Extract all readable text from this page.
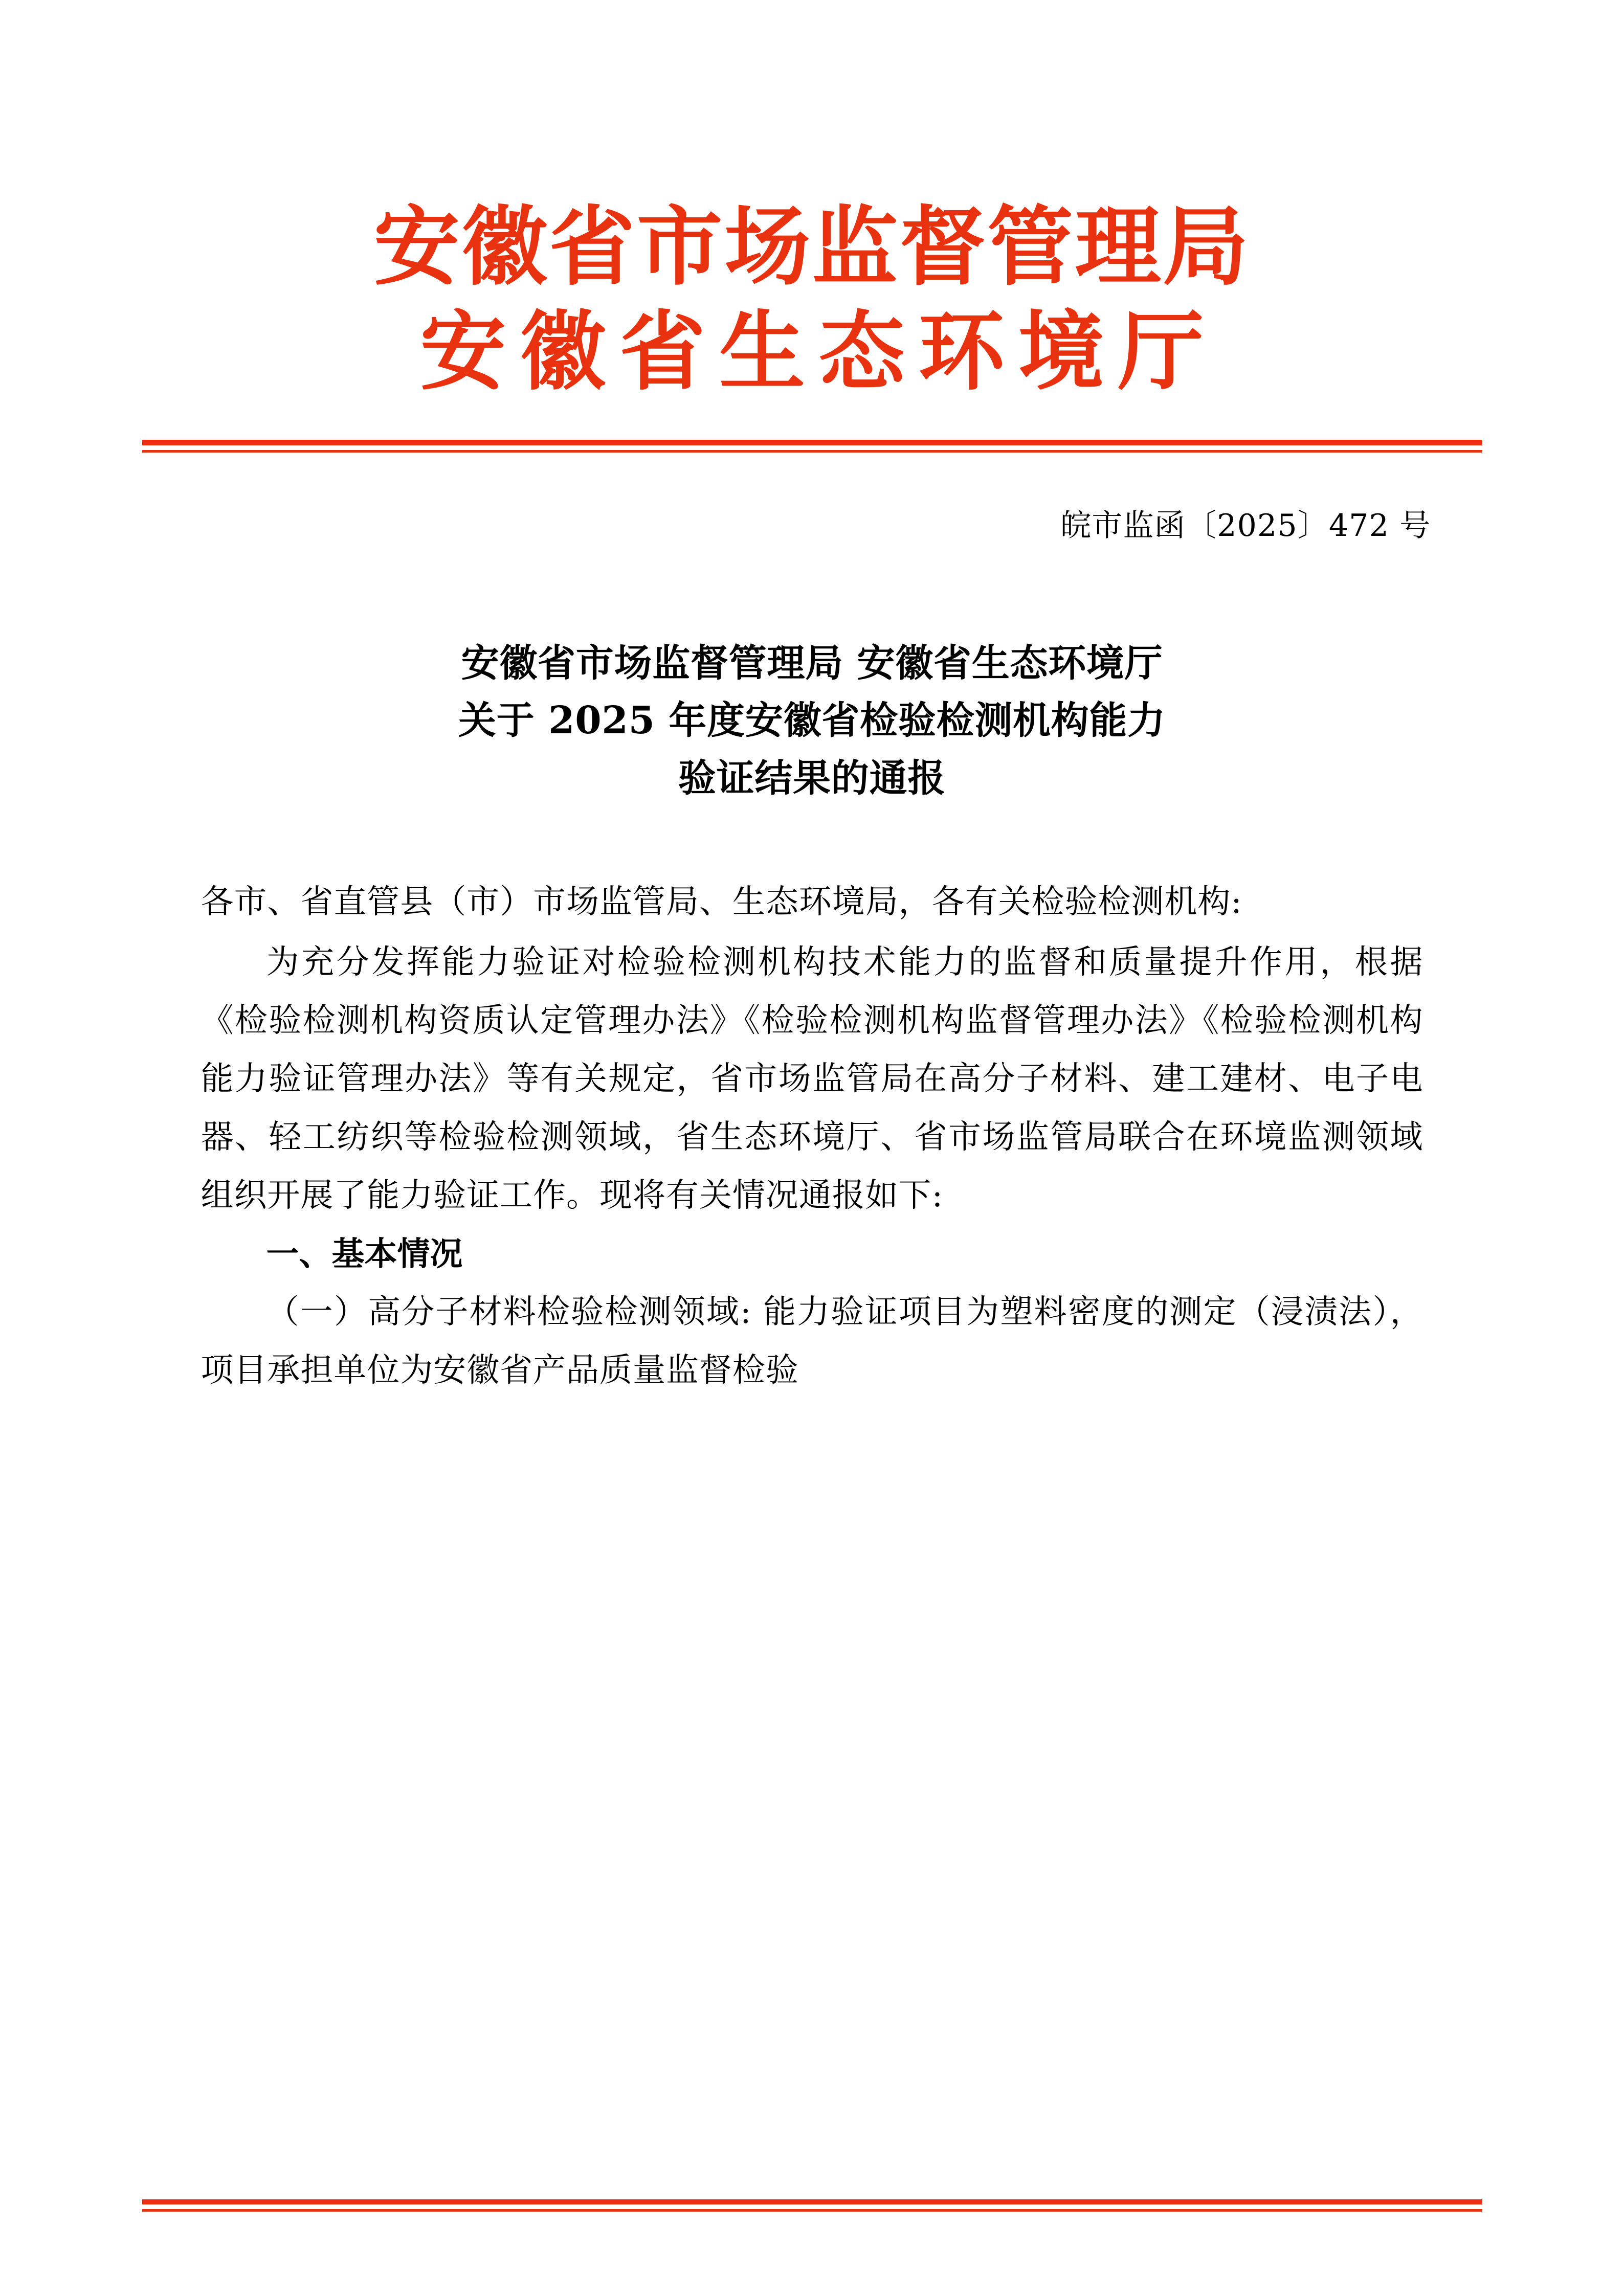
安徽省市场监督管理局
安徽省生态环境厅
皖市监函〔2025〕472 号
安徽省市场监督管理局 安徽省生态环境厅
关于 2025 年度安徽省检验检测机构能力
验证结果的通报

各市、省直管县（市）市场监管局、生态环境局，各有关检验检测机构:

为充分发挥能力验证对检验检测机构技术能力的监督和质量提升作用，根据《检验检测机构资质认定管理办法》《检验检测机构监督管理办法》《检验检测机构能力验证管理办法》等有关规定，省市场监管局在高分子材料、建工建材、电子电器、轻工纺织等检验检测领域，省生态环境厅、省市场监管局联合在环境监测领域组织开展了能力验证工作。现将有关情况通报如下:

一、基本情况

（一）高分子材料检验检测领域: 能力验证项目为塑料密度的测定（浸渍法），项目承担单位为安徽省产品质量监督检验
